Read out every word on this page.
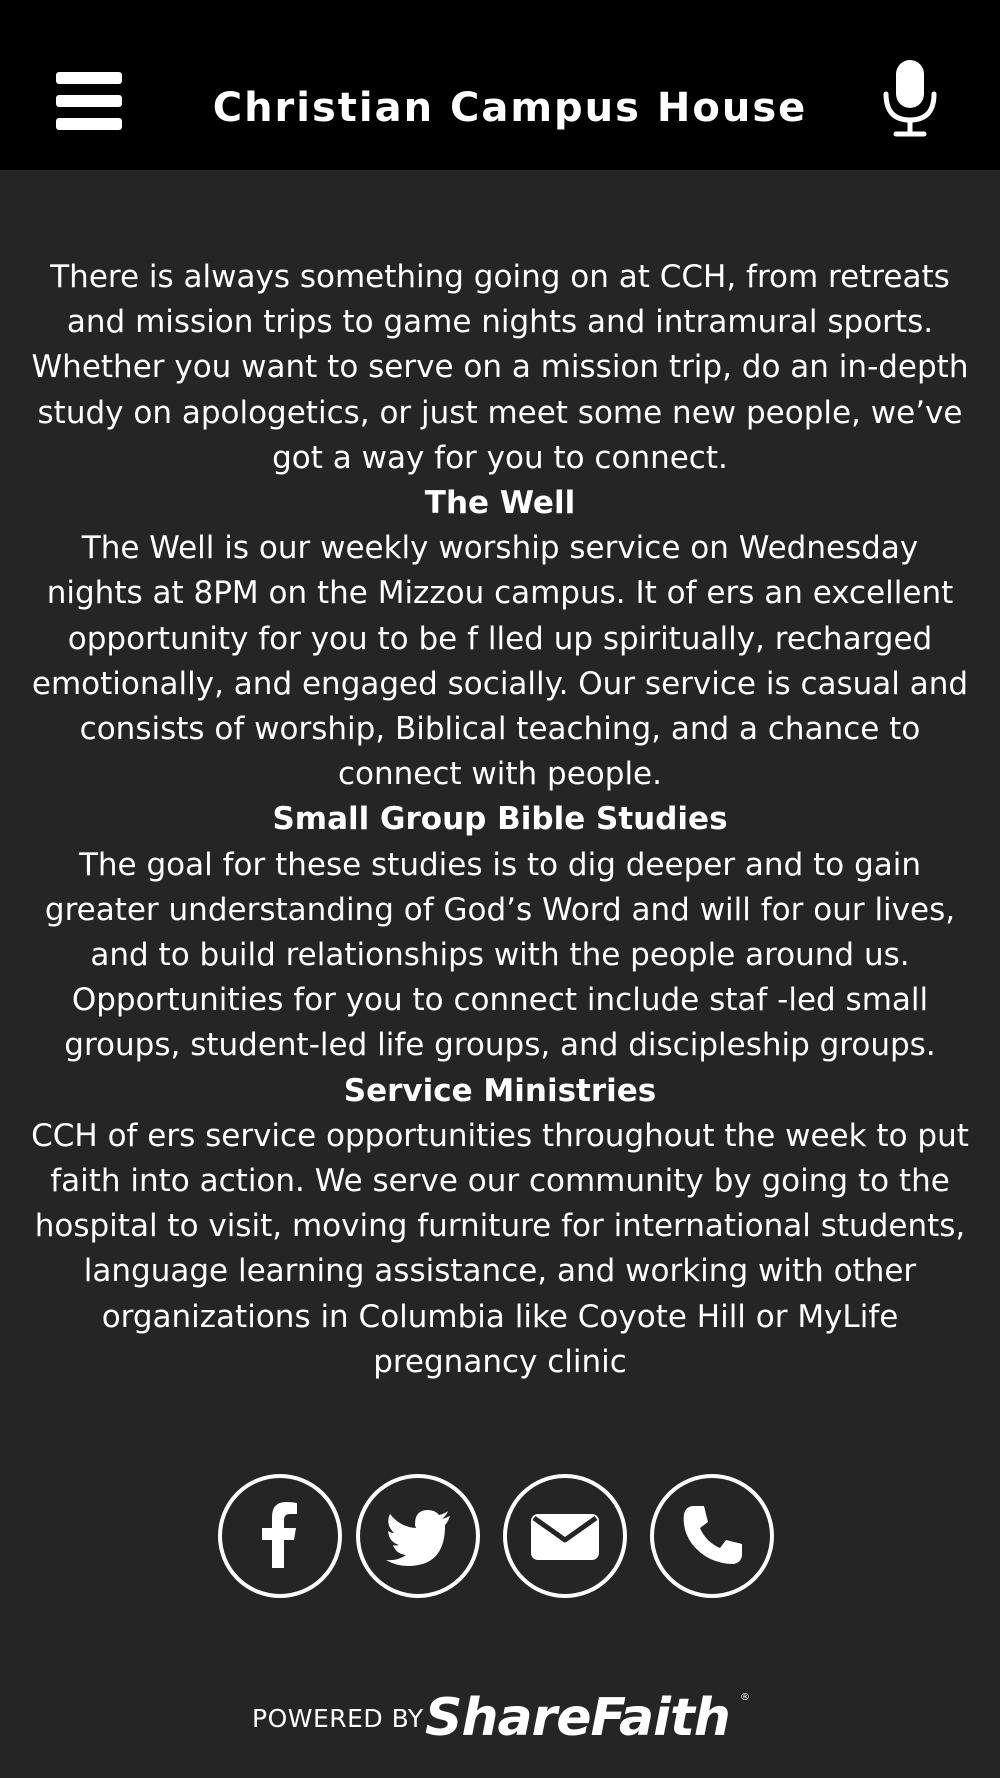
Christian Campus House

There is always something going on at CCH, from retreats and mission trips to game nights and intramural sports. Whether you want to serve on a mission trip, do an in-depth study on apologetics, or just meet some new people, we’ve got a way for you to connect.

The Well

The Well is our weekly worship service on Wednesday nights at 8PM on the Mizzou campus. It of ers an excellent opportunity for you to be f lled up spiritually, recharged emotionally, and engaged socially. Our service is casual and consists of worship, Biblical teaching, and a chance to connect with people.

Small Group Bible Studies

The goal for these studies is to dig deeper and to gain greater understanding of God’s Word and will for our lives, and to build relationships with the people around us. Opportunities for you to connect include staf -led small groups, student-led life groups, and discipleship groups.

Service Ministries

CCH of ers service opportunities throughout the week to put faith into action. We serve our community by going to the hospital to visit, moving furniture for international students, language learning assistance, and working with other organizations in Columbia like Coyote Hill or MyLife pregnancy clinic

POWERED BY ShareFaith ®
